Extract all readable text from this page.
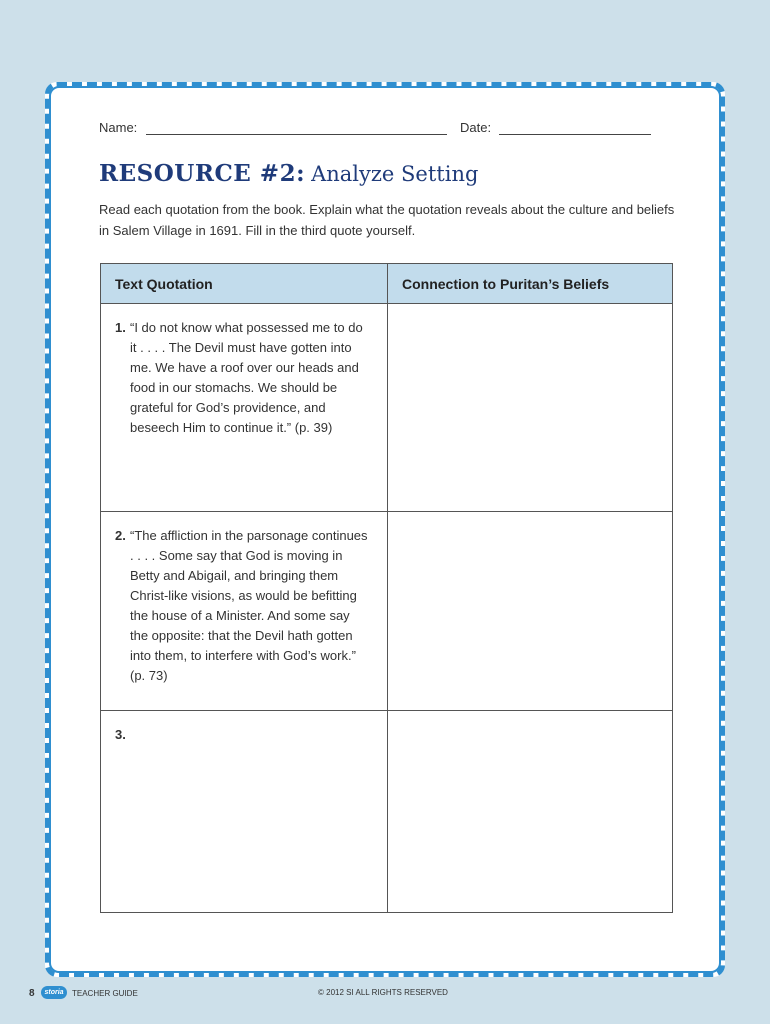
Name:	Date:
RESOURCE #2: Analyze Setting
Read each quotation from the book. Explain what the quotation reveals about the culture and beliefs in Salem Village in 1691. Fill in the third quote yourself.
Text Quotation	Connection to Puritan’s Beliefs
1. “I do not know what possessed me to do it . . . . The Devil must have gotten into me. We have a roof over our heads and food in our stomachs. We should be grateful for God’s providence, and beseech Him to continue it.” (p. 39)	
2. “The affliction in the parsonage continues . . . . Some say that God is moving in Betty and Abigail, and bringing them Christ-like visions, as would be befitting the house of a Minister. And some say the opposite: that the Devil hath gotten into them, to interfere with God’s work.” (p. 73)	
3.	
8	storia	TEACHER GUIDE	© 2012 SI ALL RIGHTS RESERVED
